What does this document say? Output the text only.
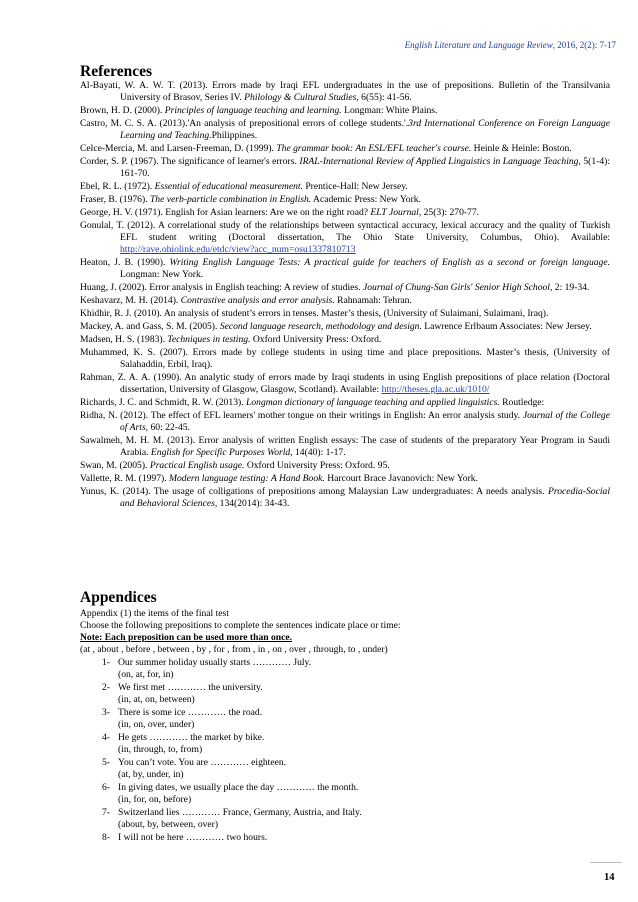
English Literature and Language Review, 2016, 2(2): 7-17
References

Al-Bayati, W. A. W. T. (2013). Errors made by Iraqi EFL undergraduates in the use of prepositions. Bulletin of the Transilvania University of Brasov, Series IV. Philology & Cultural Studies, 6(55): 41-56.

Brown, H. D. (2000). Principles of language teaching and learning. Longman: White Plains.

Castro, M. C. S. A. (2013).'An analysis of prepositional errors of college students.'.3rd International Conference on Foreign Language Learning and Teaching.Philippines.

Celce-Mercia, M. and Larsen-Freeman, D. (1999). The grammar book: An ESL/EFL teacher's course. Heinle & Heinle: Boston.

Corder, S. P. (1967). The significance of learner's errors. IRAL-International Review of Applied Linguistics in Language Teaching, 5(1-4): 161-70.

Ebel, R. L. (1972). Essential of educational measurement. Prentice-Hall: New Jersey.

Fraser, B. (1976). The verb-particle combination in English. Academic Press: New York.

George, H. V. (1971). English for Asian learners: Are we on the right road? ELT Journal, 25(3): 270-77.

Gonulal, T. (2012). A correlational study of the relationships between syntactical accuracy, lexical accuracy and the quality of Turkish EFL student writing (Doctoral dissertation, The Ohio State University, Columbus, Ohio). Available: http://rave.ohiolink.edu/etdc/view?acc_num=osu1337810713

Heaton, J. B. (1990). Writing English Language Tests: A practical guide for teachers of English as a second or foreign language. Longman: New York.

Huang, J. (2002). Error analysis in English teaching: A review of studies. Journal of Chung-San Girls' Senior High School, 2: 19-34.

Keshavarz, M. H. (2014). Contrastive analysis and error analysis. Rahnamah: Tehran.

Khidhir, R. J. (2010). An analysis of student’s errors in tenses. Master’s thesis, (University of Sulaimani, Sulaimani, Iraq).

Mackey, A. and Gass, S. M. (2005). Second language research, methodology and design. Lawrence Erlbaum Associates: New Jersey.

Madsen, H. S. (1983). Techniques in testing. Oxford University Press: Oxford.

Muhammed, K. S. (2007). Errors made by college students in using time and place prepositions. Master’s thesis, (University of Salahaddin, Erbil, Iraq).

Rahman, Z. A. A. (1990). An analytic study of errors made by Iraqi students in using English prepositions of place relation (Doctoral dissertation, University of Glasgow, Glasgow, Scotland). Available: http://theses.gla.ac.uk/1010/

Richards, J. C. and Schmidt, R. W. (2013). Longman dictionary of language teaching and applied linguistics. Routledge:

Ridha, N. (2012). The effect of EFL learners' mother tongue on their writings in English: An error analysis study. Journal of the College of Arts, 60: 22-45.

Sawalmeh, M. H. M. (2013). Error analysis of written English essays: The case of students of the preparatory Year Program in Saudi Arabia. English for Specific Purposes World, 14(40): 1-17.

Swan, M. (2005). Practical English usage. Oxford University Press: Oxford. 95.

Vallette, R. M. (1997). Modern language testing: A Hand Book. Harcourt Brace Javanovich: New York.

Yunus, K. (2014). The usage of colligations of prepositions among Malaysian Law undergraduates: A needs analysis. Procedia-Social and Behavioral Sciences, 134(2014): 34-43.

Appendices

Appendix (1) the items of the final test

Choose the following prepositions to complete the sentences indicate place or time:

Note: Each preposition can be used more than once.

(at , about , before , between , by , for , from , in , on , over , through, to , under)

1- Our summer holiday usually starts ………… July.
(on, at, for, in)
2- We first met ………… the university.
(in, at, on, between)
3- There is some ice ………… the road.
(in, on, over, under)
4- He gets ………… the market by bike.
(in, through, to, from)
5- You can’t vote. You are ………… eighteen.
(at, by, under, in)
6- In giving dates, we usually place the day ………… the month.
(in, for, on, before)
7- Switzerland lies ………… France, Germany, Austria, and Italy.
(about, by, between, over)
8- I will not be here ………… two hours.
14
